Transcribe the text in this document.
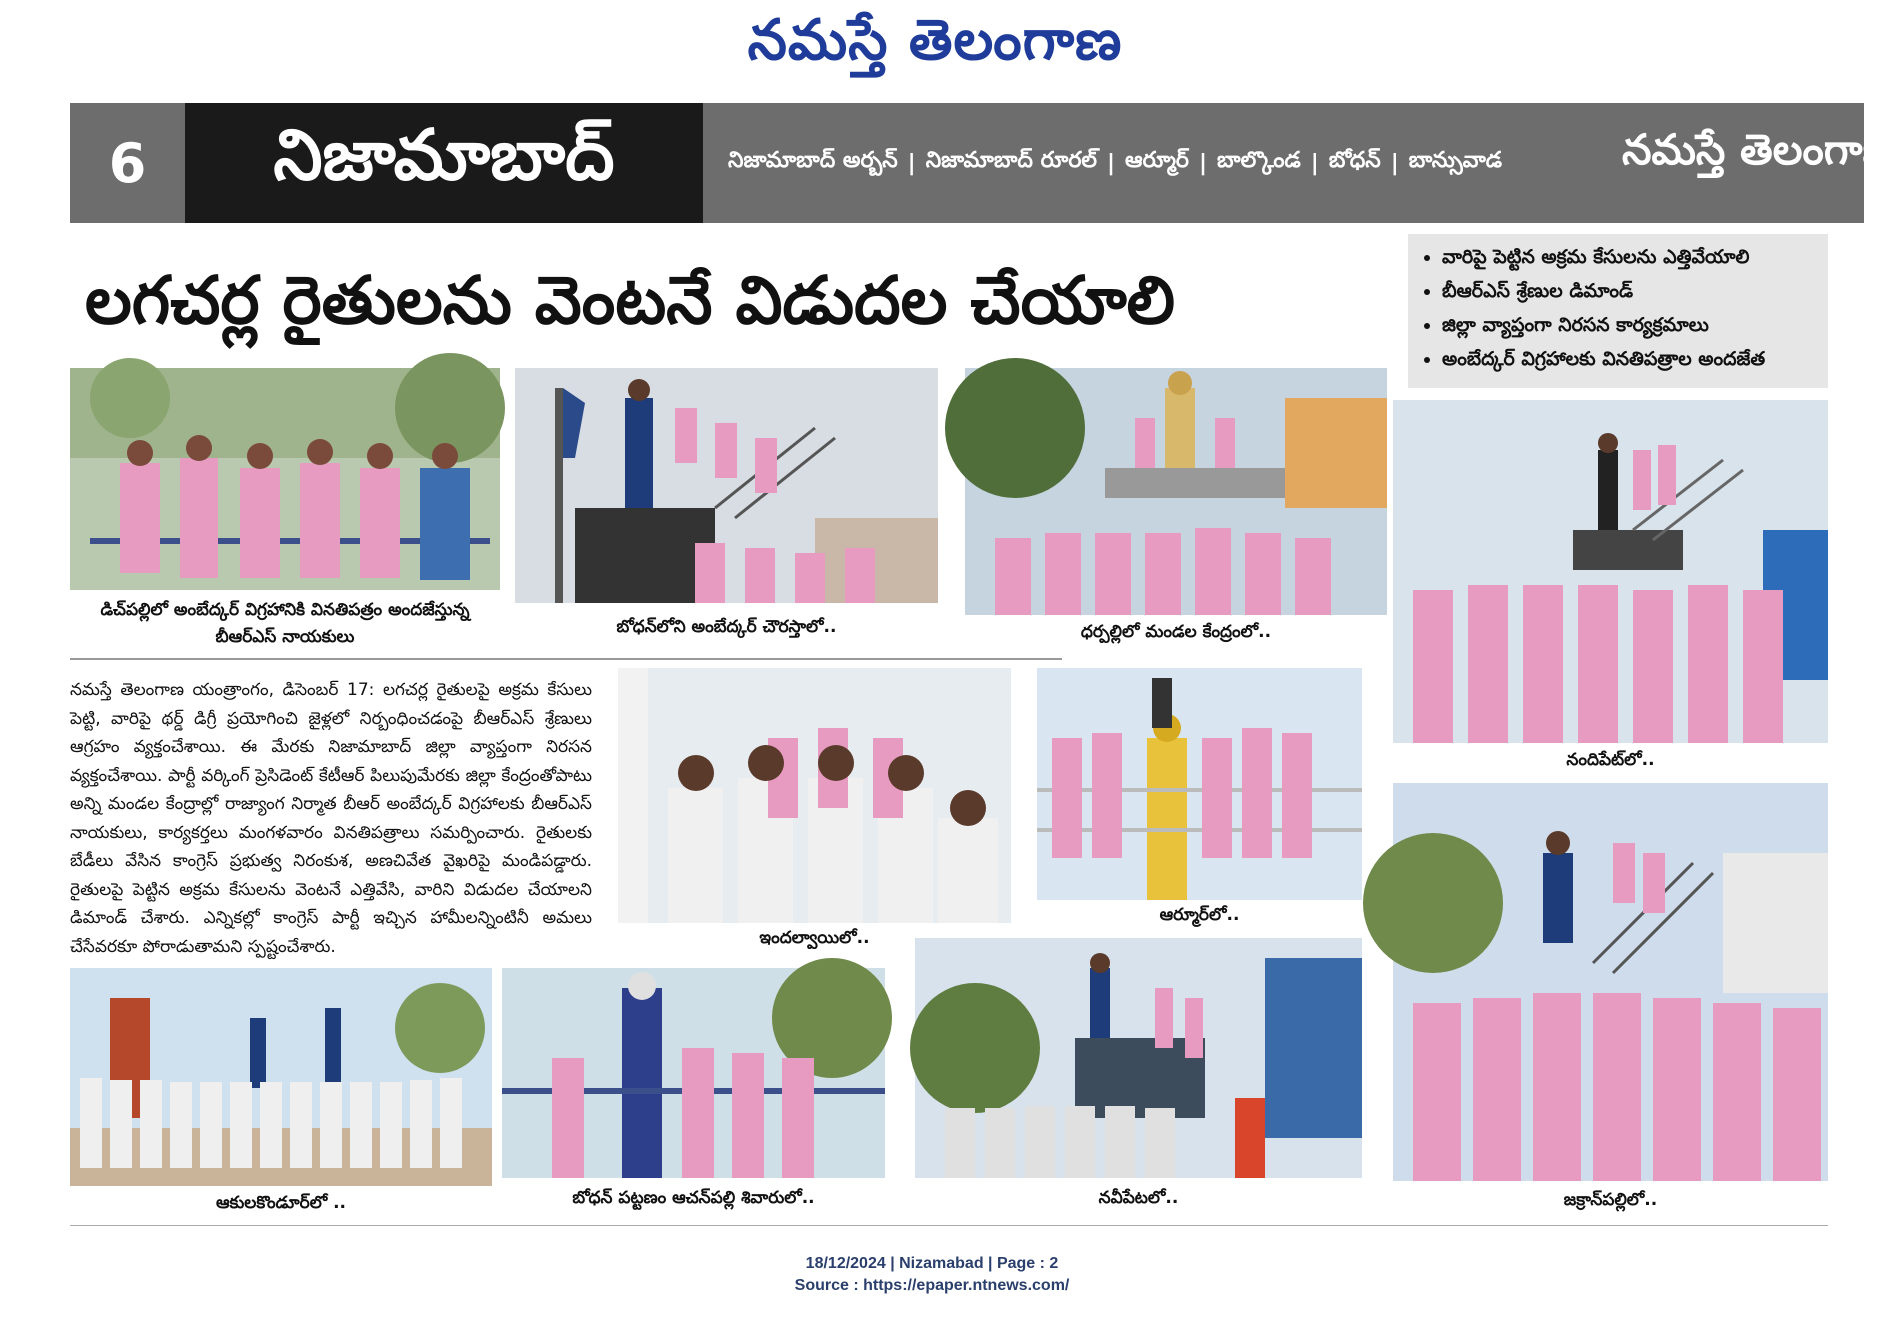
నమస్తే తెలంగాణ
6	నిజామాబాద్	నిజామాబాద్ అర్బన్ | నిజామాబాద్ రూరల్ | ఆర్మూర్ | బాల్కొండ | బోధన్ | బాన్సువాడ	నమస్తే తెలంగాణ
లగచర్ల రైతులను వెంటనే విడుదల చేయాలి
• వారిపై పెట్టిన అక్రమ కేసులను ఎత్తివేయాలి
• బీఆర్ఎస్ శ్రేణుల డిమాండ్
• జిల్లా వ్యాప్తంగా నిరసన కార్యక్రమాలు
• అంబేద్కర్ విగ్రహాలకు వినతిపత్రాల అందజేత
డిచ్‌పల్లిలో అంబేద్కర్ విగ్రహానికి వినతిపత్రం అందజేస్తున్న
బీఆర్ఎస్ నాయకులు	బోధన్‌లోని అంబేద్కర్ చౌరస్తాలో..	ధర్పల్లిలో మండల కేంద్రంలో..
నందిపేట్‌లో..
నమస్తే తెలంగాణ యంత్రాంగం, డిసెంబర్ 17: లగచర్ల రైతులపై అక్రమ కేసులు పెట్టి, వారిపై థర్డ్ డిగ్రీ ప్రయోగించి జైళ్లలో నిర్బంధించడంపై బీఆర్ఎస్ శ్రేణులు ఆగ్రహం వ్యక్తంచేశాయి. ఈ మేరకు నిజామాబాద్ జిల్లా వ్యాప్తంగా నిరసన వ్యక్తంచేశాయి. పార్టీ వర్కింగ్ ప్రెసిడెంట్ కేటీఆర్ పిలుపుమేరకు జిల్లా కేంద్రంతోపాటు అన్ని మండల కేంద్రాల్లో రాజ్యాంగ నిర్మాత బీఆర్ అంబేద్కర్ విగ్రహాలకు బీఆర్ఎస్ నాయకులు, కార్యకర్తలు మంగళవారం వినతిపత్రాలు సమర్పించారు. రైతులకు బేడీలు వేసిన కాంగ్రెస్ ప్రభుత్వ నిరంకుశ, అణచివేత వైఖరిపై మండిపడ్డారు. రైతులపై పెట్టిన అక్రమ కేసులను వెంటనే ఎత్తివేసి, వారిని విడుదల చేయాలని డిమాండ్ చేశారు. ఎన్నికల్లో కాంగ్రెస్ పార్టీ ఇచ్చిన హామీలన్నింటినీ అమలు చేసేవరకూ పోరాడుతామని స్పష్టంచేశారు.	ఇందల్వాయిలో..
ఆర్మూర్‌లో..
జక్రాన్‌పల్లిలో..
ఆకులకొండూర్‌లో ..	బోధన్ పట్టణం ఆచన్‌పల్లి శివారులో..	నవీపేటలో..
18/12/2024 | Nizamabad | Page : 2
Source : https://epaper.ntnews.com/
